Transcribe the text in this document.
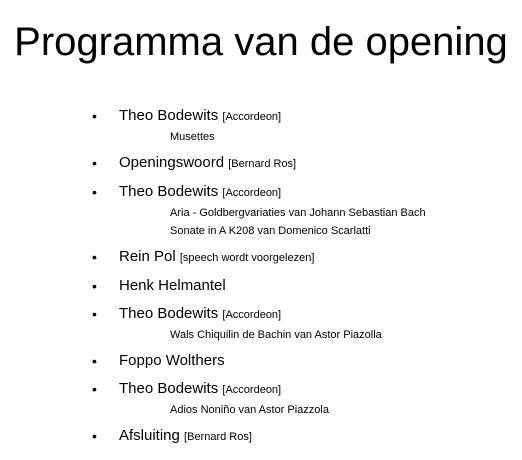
Programma van de opening
•	Theo Bodewits [Accordeon]
Musettes
•	Openingswoord [Bernard Ros]
•	Theo Bodewits [Accordeon]
Aria - Goldbergvariaties van Johann Sebastian Bach
Sonate in A K208 van Domenico Scarlatti
•	Rein Pol [speech wordt voorgelezen]
•	Henk Helmantel
•	Theo Bodewits [Accordeon]
Wals Chiquilin de Bachin van Astor Piazolla
•	Foppo Wolthers
•	Theo Bodewits [Accordeon]
Adios Noniño van Astor Piazzola
•	Afsluiting [Bernard Ros]
